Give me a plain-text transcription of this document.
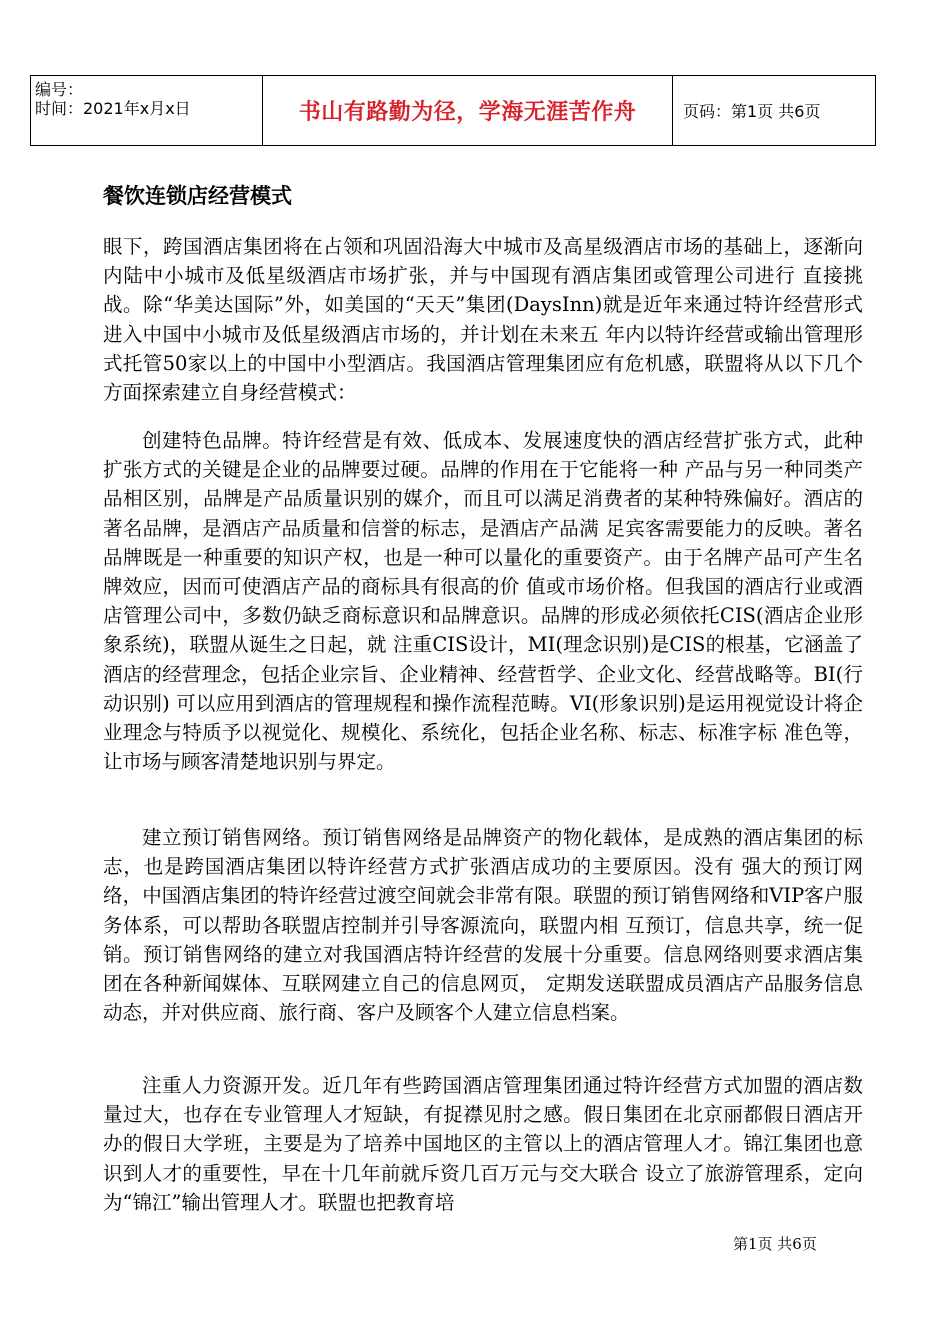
编号：
时间：2021年x月x日	书山有路勤为径，学海无涯苦作舟	页码：第1页 共6页
餐饮连锁店经营模式

眼下，跨国酒店集团将在占领和巩固沿海大中城市及高星级酒店市场的基础上，逐渐向内陆中小城市及低星级酒店市场扩张，并与中国现有酒店集团或管理公司进行 直接挑战。除“华美达国际”外，如美国的“天天”集团(DaysInn)就是近年来通过特许经营形式进入中国中小城市及低星级酒店市场的，并计划在未来五 年内以特许经营或输出管理形式托管50家以上的中国中小型酒店。我国酒店管理集团应有危机感，联盟将从以下几个方面探索建立自身经营模式：

创建特色品牌。特许经营是有效、低成本、发展速度快的酒店经营扩张方式，此种扩张方式的关键是企业的品牌要过硬。品牌的作用在于它能将一种 产品与另一种同类产品相区别，品牌是产品质量识别的媒介，而且可以满足消费者的某种特殊偏好。酒店的著名品牌，是酒店产品质量和信誉的标志，是酒店产品满 足宾客需要能力的反映。著名品牌既是一种重要的知识产权，也是一种可以量化的重要资产。由于名牌产品可产生名牌效应，因而可使酒店产品的商标具有很高的价 值或市场价格。但我国的酒店行业或酒店管理公司中，多数仍缺乏商标意识和品牌意识。品牌的形成必须依托CIS(酒店企业形象系统)，联盟从诞生之日起，就 注重CIS设计，MI(理念识别)是CIS的根基，它涵盖了酒店的经营理念，包括企业宗旨、企业精神、经营哲学、企业文化、经营战略等。BI(行动识别) 可以应用到酒店的管理规程和操作流程范畴。VI(形象识别)是运用视觉设计将企业理念与特质予以视觉化、规模化、系统化，包括企业名称、标志、标准字标 准色等，让市场与顾客清楚地识别与界定。

建立预订销售网络。预订销售网络是品牌资产的物化载体，是成熟的酒店集团的标志，也是跨国酒店集团以特许经营方式扩张酒店成功的主要原因。没有 强大的预订网络，中国酒店集团的特许经营过渡空间就会非常有限。联盟的预订销售网络和VIP客户服务体系，可以帮助各联盟店控制并引导客源流向，联盟内相 互预订，信息共享，统一促销。预订销售网络的建立对我国酒店特许经营的发展十分重要。信息网络则要求酒店集团在各种新闻媒体、互联网建立自己的信息网页， 定期发送联盟成员酒店产品服务信息动态，并对供应商、旅行商、客户及顾客个人建立信息档案。

注重人力资源开发。近几年有些跨国酒店管理集团通过特许经营方式加盟的酒店数量过大，也存在专业管理人才短缺，有捉襟见肘之感。假日集团在北京丽都假日酒店开办的假日大学班，主要是为了培养中国地区的主管以上的酒店管理人才。锦江集团也意识到人才的重要性，早在十几年前就斥资几百万元与交大联合 设立了旅游管理系，定向为“锦江”输出管理人才。联盟也把教育培

第1页 共6页
